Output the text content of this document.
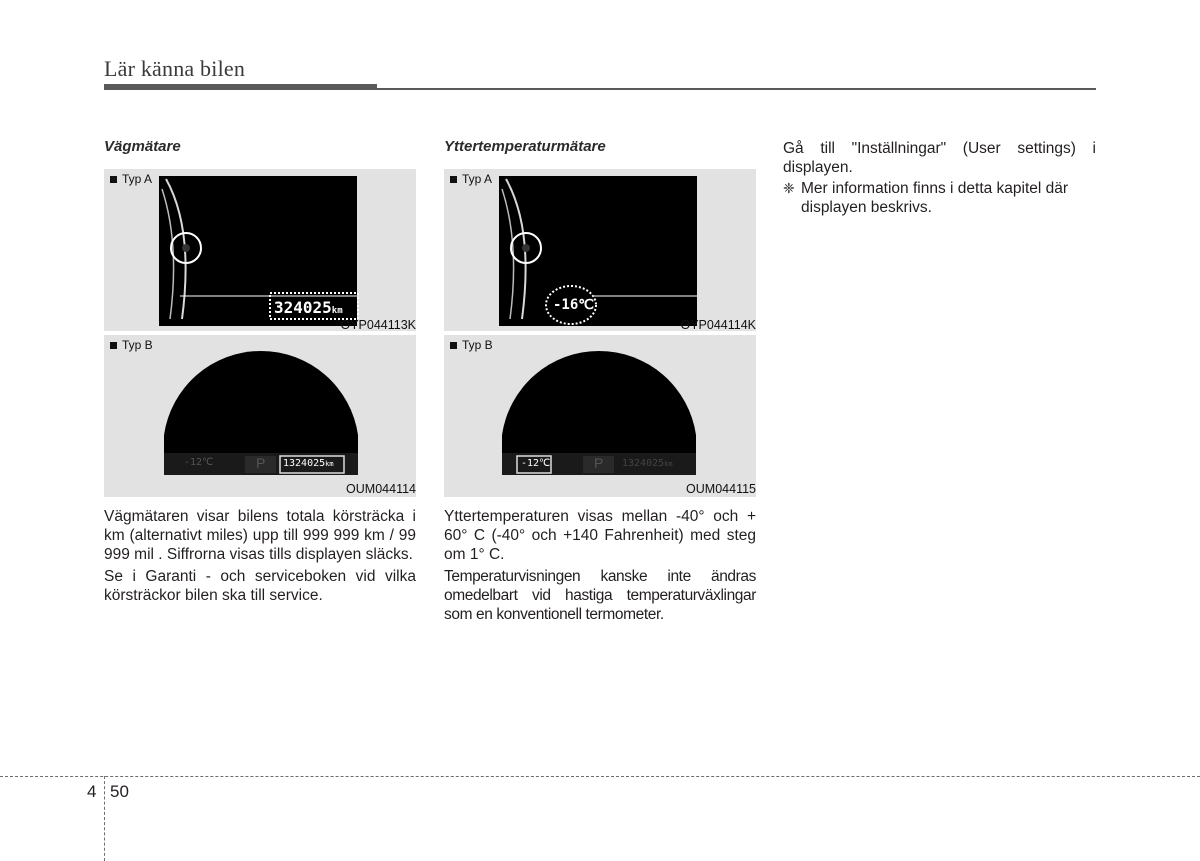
Lär känna bilen
Vägmätare
324025km
Typ A
OYP044113K
-12℃	P 1324025km
Typ B
OUM044114

Vägmätaren visar bilens totala körsträcka i km (alternativt miles) upp till 999 999 km / 99 999 mil . Siffrorna visas tills displayen släcks.

Se i Garanti - och serviceboken vid vilka körsträckor bilen ska till service.

Yttertemperaturmätare
-16℃
Typ A
OYP044114K
-12℃	P 1324025km
Typ B
OUM044115

Yttertemperaturen visas mellan -40° och + 60° C (-40° och +140 Fahrenheit) med steg om 1° C.

Temperaturvisningen kanske inte ändras omedelbart vid hastiga temperaturväxlingar som en konventionell termometer.

Gå till "Inställningar" (User settings) i displayen.

❈ Mer information finns i detta kapitel där displayen beskrivs.

4 50
